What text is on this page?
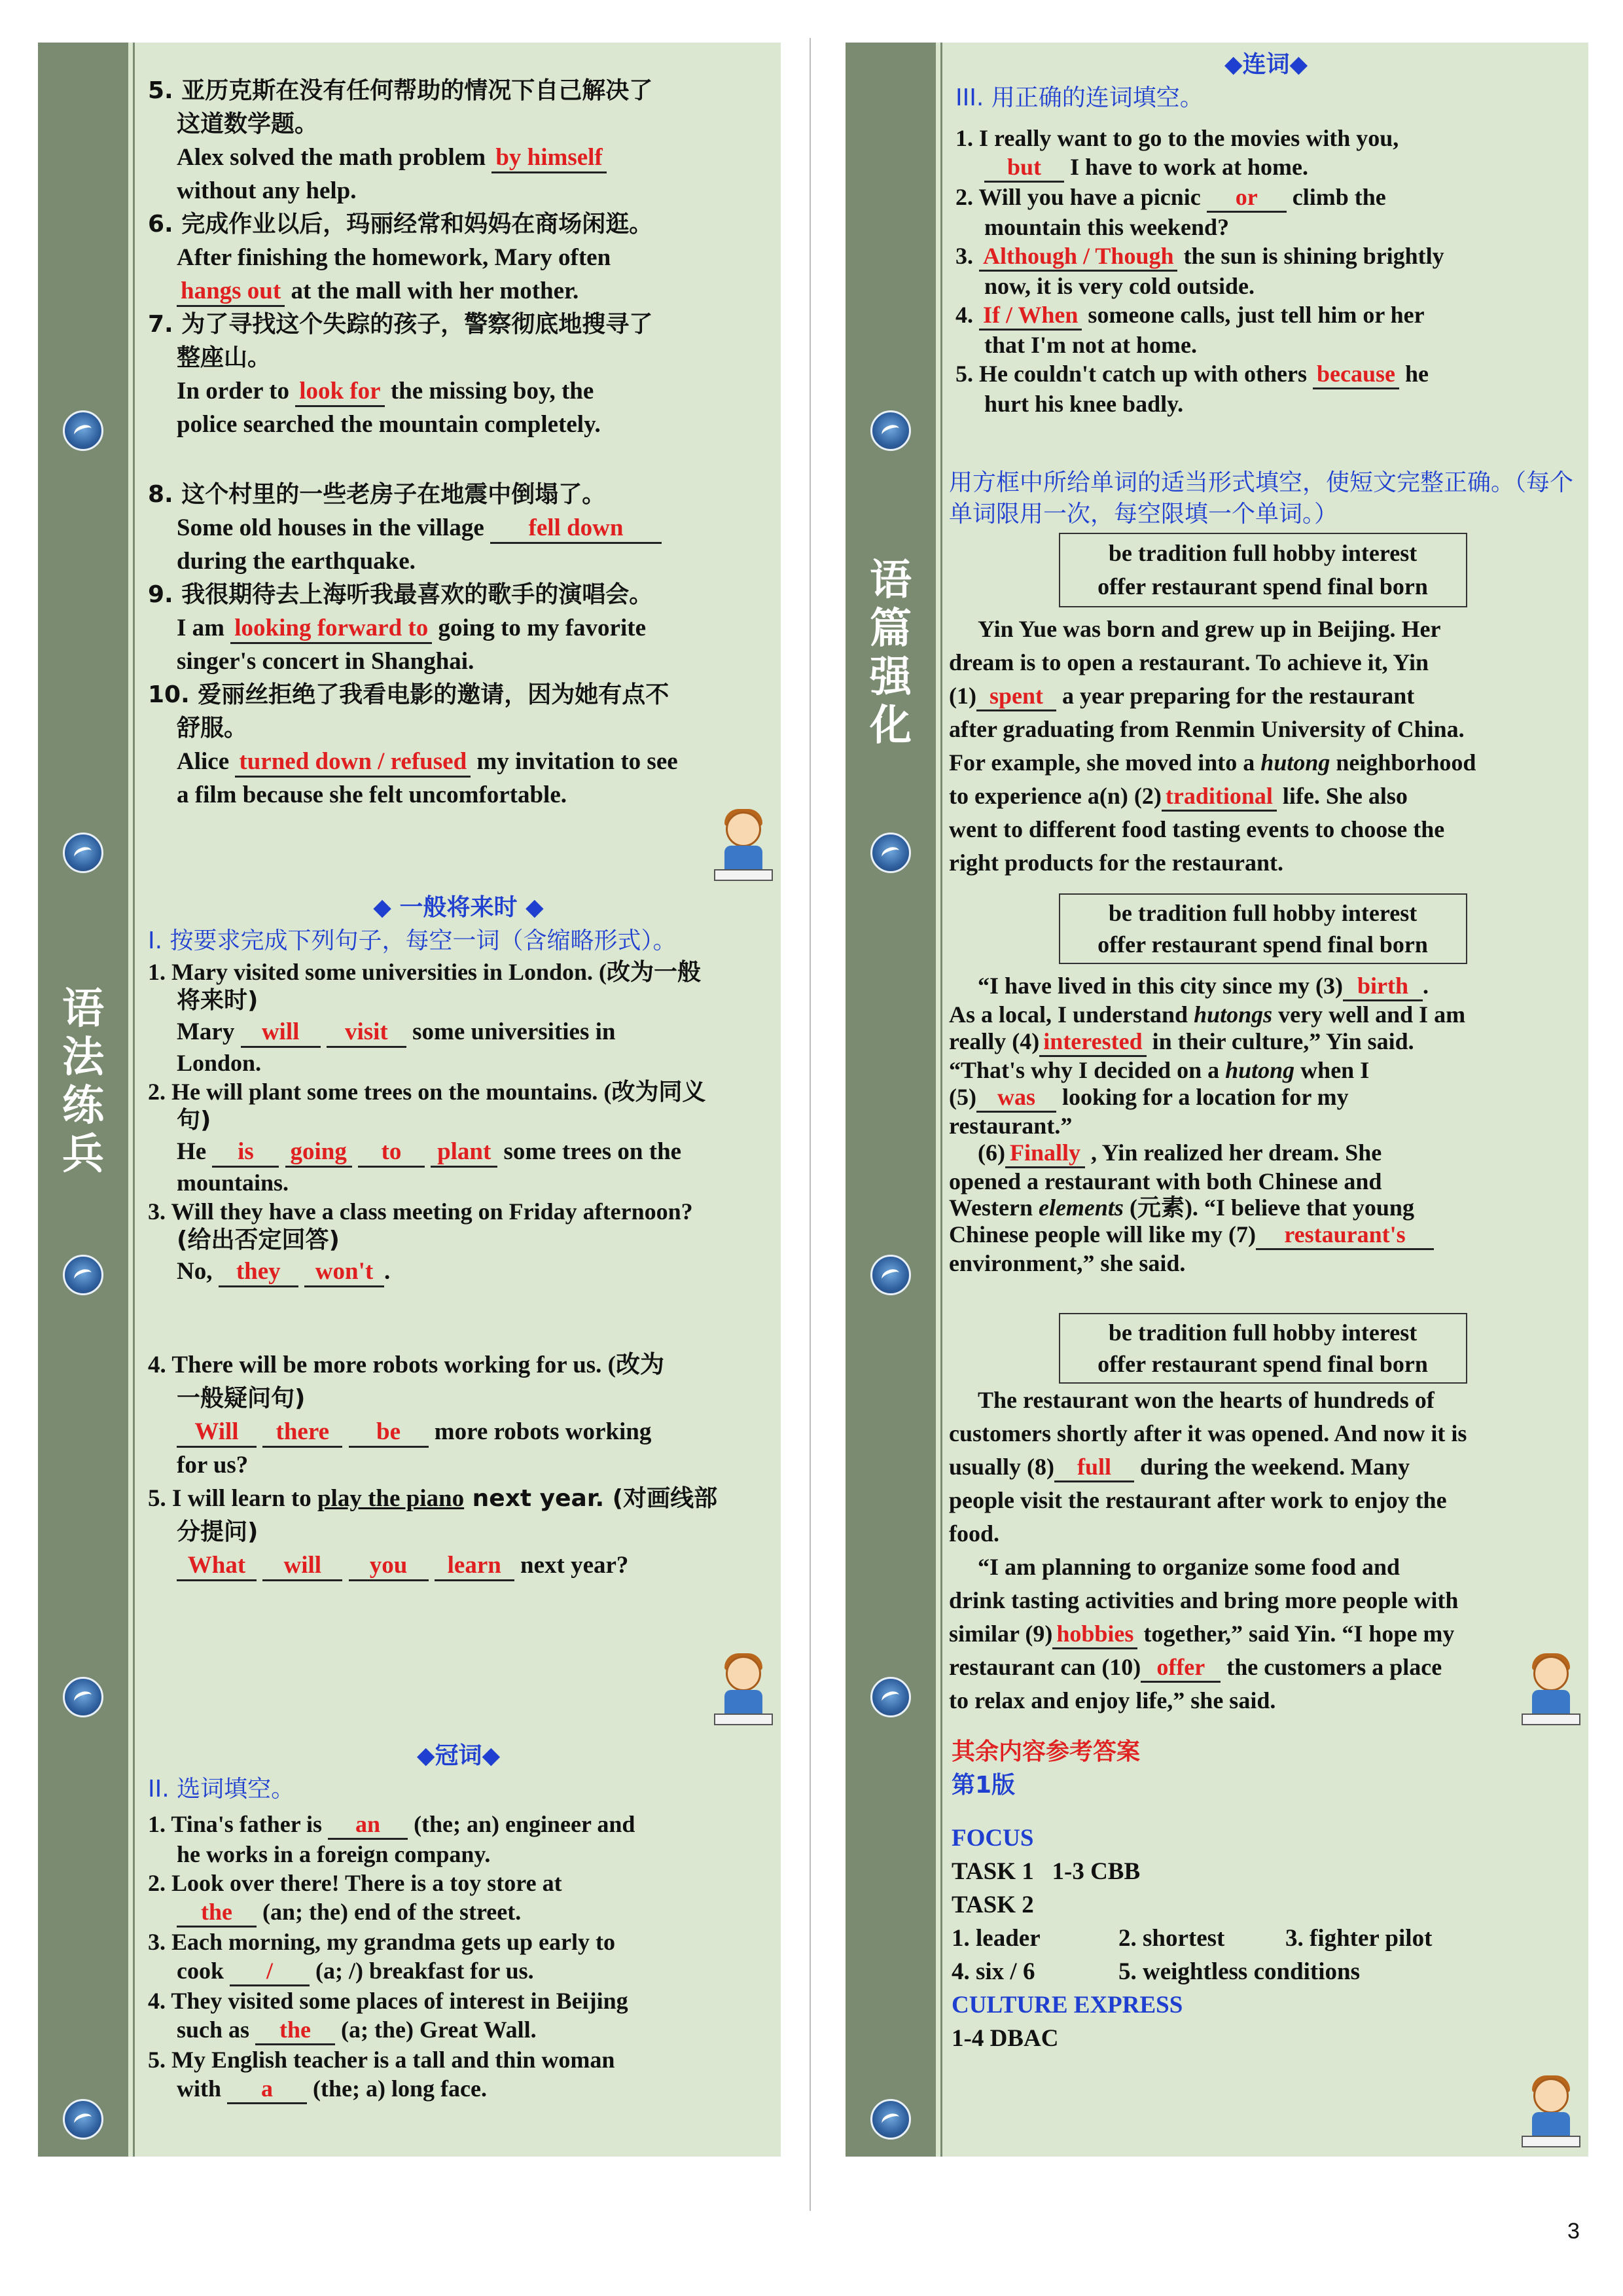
5. 亚历克斯在没有任何帮助的情况下自己解决了

这道数学题。

Alex solved the math problem by himself

without any help.

6. 完成作业以后，玛丽经常和妈妈在商场闲逛。

After finishing the homework, Mary often

hangs out at the mall with her mother.

7. 为了寻找这个失踪的孩子，警察彻底地搜寻了

整座山。

In order to look for the missing boy, the

police searched the mountain completely.

8. 这个村里的一些老房子在地震中倒塌了。

Some old houses in the village fell down

during the earthquake.

9. 我很期待去上海听我最喜欢的歌手的演唱会。

I am looking forward to going to my favorite

singer's concert in Shanghai.

10. 爱丽丝拒绝了我看电影的邀请，因为她有点不

舒服。

Alice turned down / refused my invitation to see

a film because she felt uncomfortable.

语法练兵

◆ 一般将来时 ◆

Ⅰ. 按要求完成下列句子，每空一词（含缩略形式）。

1. Mary visited some universities in London. (改为一般

将来时)

Mary will visit some universities in

London.

2. He will plant some trees on the mountains. (改为同义

句)

He is going to plant some trees on the

mountains.

3. Will they have a class meeting on Friday afternoon?

(给出否定回答)

No, they won't .

4. There will be more robots working for us. (改为

一般疑问句)

Will there be more robots working

for us?

5. I will learn to play the piano next year. (对画线部

分提问)

What will you learn next year?

◆冠词◆

II. 选词填空。

1. Tina's father is an (the; an) engineer and

he works in a foreign company.

2. Look over there! There is a toy store at

the (an; the) end of the street.

3. Each morning, my grandma gets up early to

cook / (a; /) breakfast for us.

4. They visited some places of interest in Beijing

such as the (a; the) Great Wall.

5. My English teacher is a tall and thin woman

with a (the; a) long face.

◆连词◆

III. 用正确的连词填空。

1. I really want to go to the movies with you,

but I have to work at home.

2. Will you have a picnic or climb the

mountain this weekend?

3. Although / Though the sun is shining brightly

now, it is very cold outside.

4. If / When someone calls, just tell him or her

that I'm not at home.

5. He couldn't catch up with others because he

hurt his knee badly.

语篇强化

用方框中所给单词的适当形式填空，使短文完整正确。（每个单词限用一次，每空限填一个单词。）

be tradition full hobby interest

offer restaurant spend final born

Yin Yue was born and grew up in Beijing. Her

dream is to open a restaurant. To achieve it, Yin

(1) spent a year preparing for the restaurant

after graduating from Renmin University of China.

For example, she moved into a hutong neighborhood

to experience a(n) (2) traditional life. She also

went to different food tasting events to choose the

right products for the restaurant.

be tradition full hobby interest

offer restaurant spend final born

“I have lived in this city since my (3) birth .

As a local, I understand hutongs very well and I am

really (4) interested in their culture,” Yin said.

“That's why I decided on a hutong when I

(5) was looking for a location for my

restaurant.”

(6) Finally , Yin realized her dream. She

opened a restaurant with both Chinese and

Western elements (元素). “I believe that young

Chinese people will like my (7) restaurant's

environment,” she said.

be tradition full hobby interest

offer restaurant spend final born

The restaurant won the hearts of hundreds of

customers shortly after it was opened. And now it is

usually (8) full during the weekend. Many

people visit the restaurant after work to enjoy the

food.

“I am planning to organize some food and

drink tasting activities and bring more people with

similar (9) hobbies together,” said Yin. “I hope my

restaurant can (10) offer the customers a place

to relax and enjoy life,” she said.

其余内容参考答案

第1版

FOCUS

TASK 1   1-3 CBB

TASK 2

1. leader	2. shortest	3. fighter pilot

4. six / 6	5. weightless conditions

CULTURE EXPRESS

1-4 DBAC

3
